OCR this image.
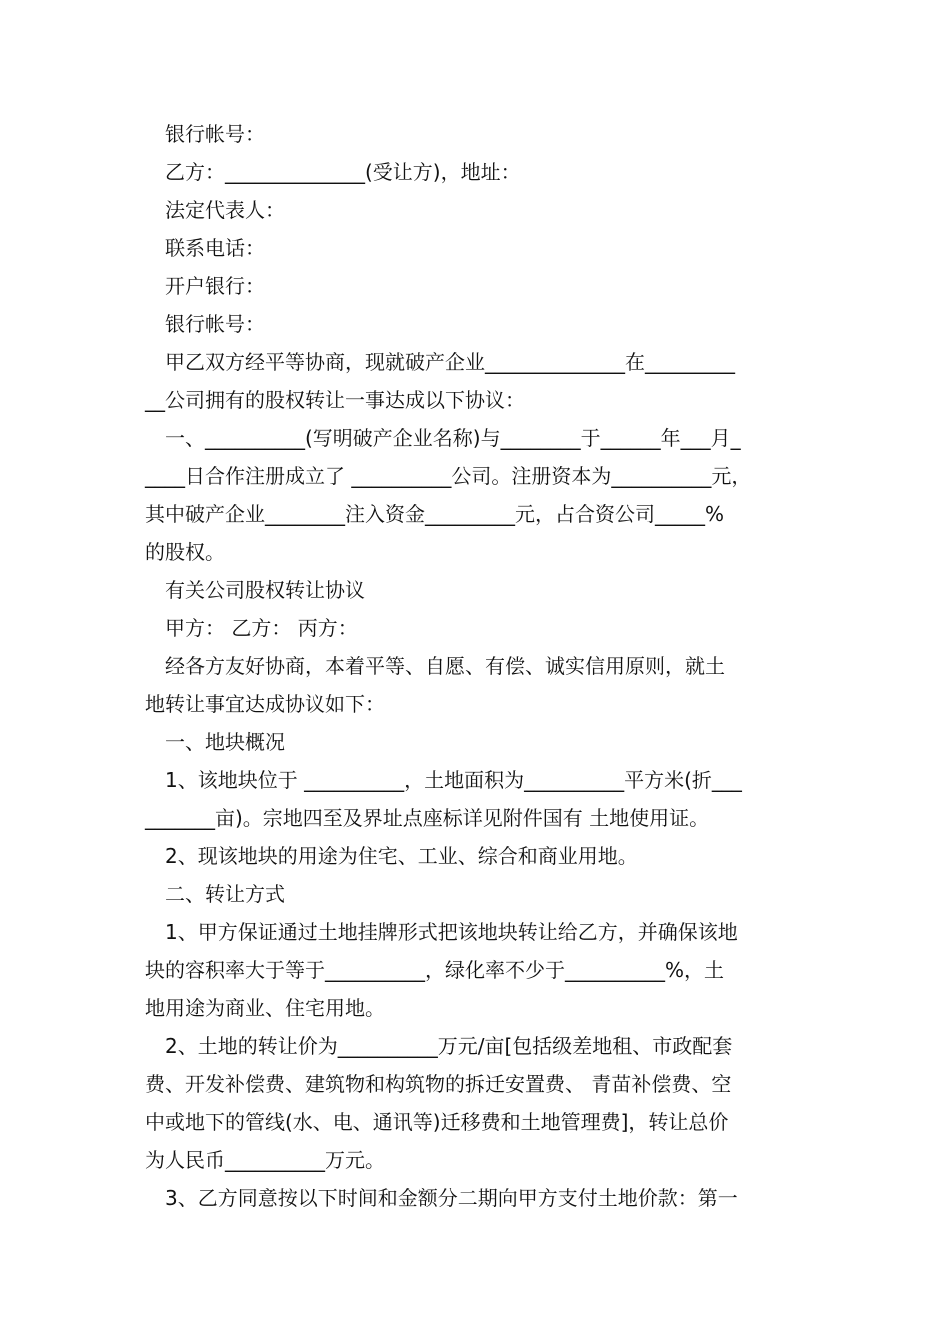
银行帐号：
乙方：______________(受让方)，地址：
法定代表人：
联系电话：
开户银行：
银行帐号：
甲乙双方经平等协商，现就破产企业______________在_________
__公司拥有的股权转让一事达成以下协议：
一、__________(写明破产企业名称)与________于______年___月_
____日合作注册成立了 __________公司。注册资本为__________元，
其中破产企业________注入资金_________元，占合资公司_____%
的股权。
有关公司股权转让协议
甲方： 乙方： 丙方：
经各方友好协商，本着平等、自愿、有偿、诚实信用原则，就土
地转让事宜达成协议如下：
一、地块概况
1、该地块位于 __________，土地面积为__________平方米(折___
_______亩)。宗地四至及界址点座标详见附件国有 土地使用证。
2、现该地块的用途为住宅、工业、综合和商业用地。
二、转让方式
1、甲方保证通过土地挂牌形式把该地块转让给乙方，并确保该地
块的容积率大于等于__________，绿化率不少于__________%，土
地用途为商业、住宅用地。
2、土地的转让价为__________万元/亩[包括级差地租、市政配套
费、开发补偿费、建筑物和构筑物的拆迁安置费、 青苗补偿费、空
中或地下的管线(水、电、通讯等)迁移费和土地管理费]，转让总价
为人民币__________万元。
3、乙方同意按以下时间和金额分二期向甲方支付土地价款：第一
